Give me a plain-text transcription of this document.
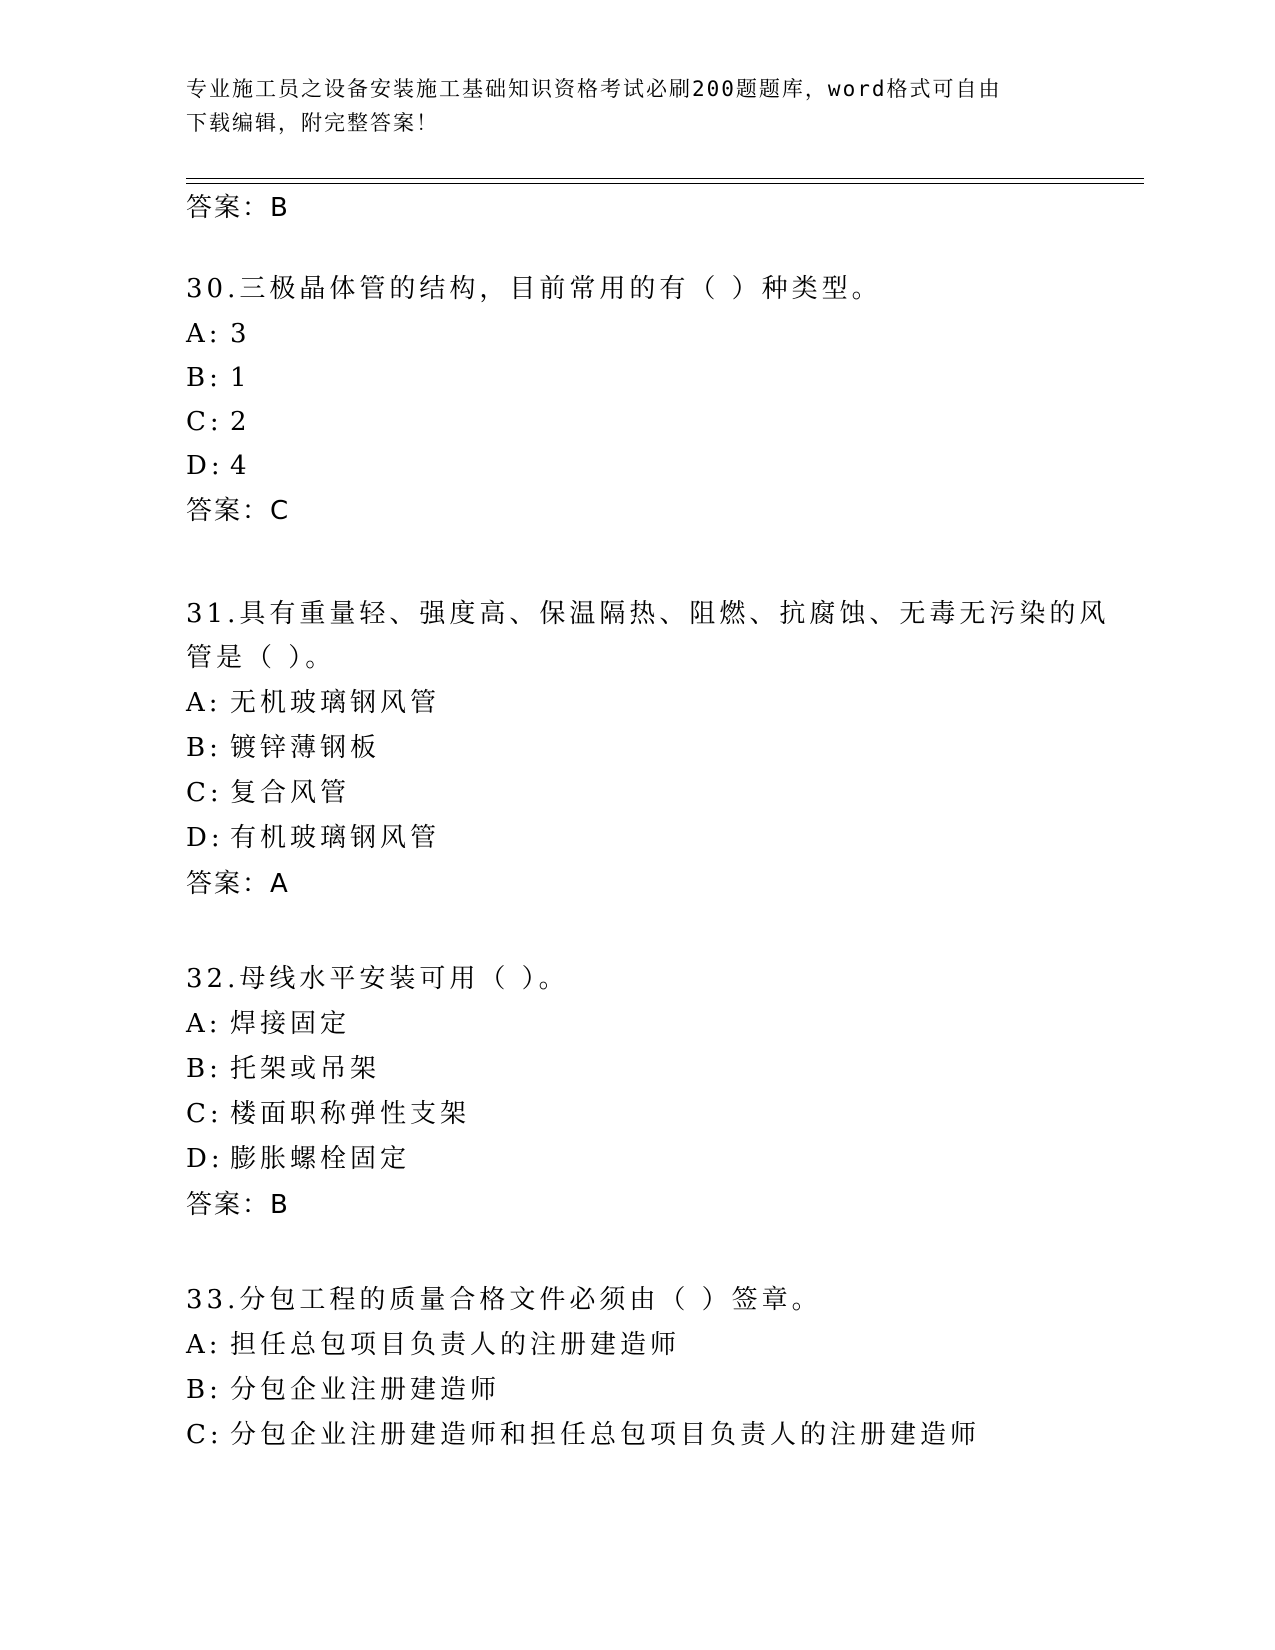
专业施工员之设备安装施工基础知识资格考试必刷200题题库，word格式可自由
下载编辑，附完整答案！
答案：B
30.三极晶体管的结构，目前常用的有（ ）种类型。
A: 3
B: 1
C: 2
D: 4
答案：C
31.具有重量轻、强度高、保温隔热、阻燃、抗腐蚀、无毒无污染的风
管是（ ）。
A: 无机玻璃钢风管
B: 镀锌薄钢板
C: 复合风管
D: 有机玻璃钢风管
答案：A
32.母线水平安装可用（ ）。
A: 焊接固定
B: 托架或吊架
C: 楼面职称弹性支架
D: 膨胀螺栓固定
答案：B
33.分包工程的质量合格文件必须由（ ）签章。
A: 担任总包项目负责人的注册建造师
B: 分包企业注册建造师
C: 分包企业注册建造师和担任总包项目负责人的注册建造师
